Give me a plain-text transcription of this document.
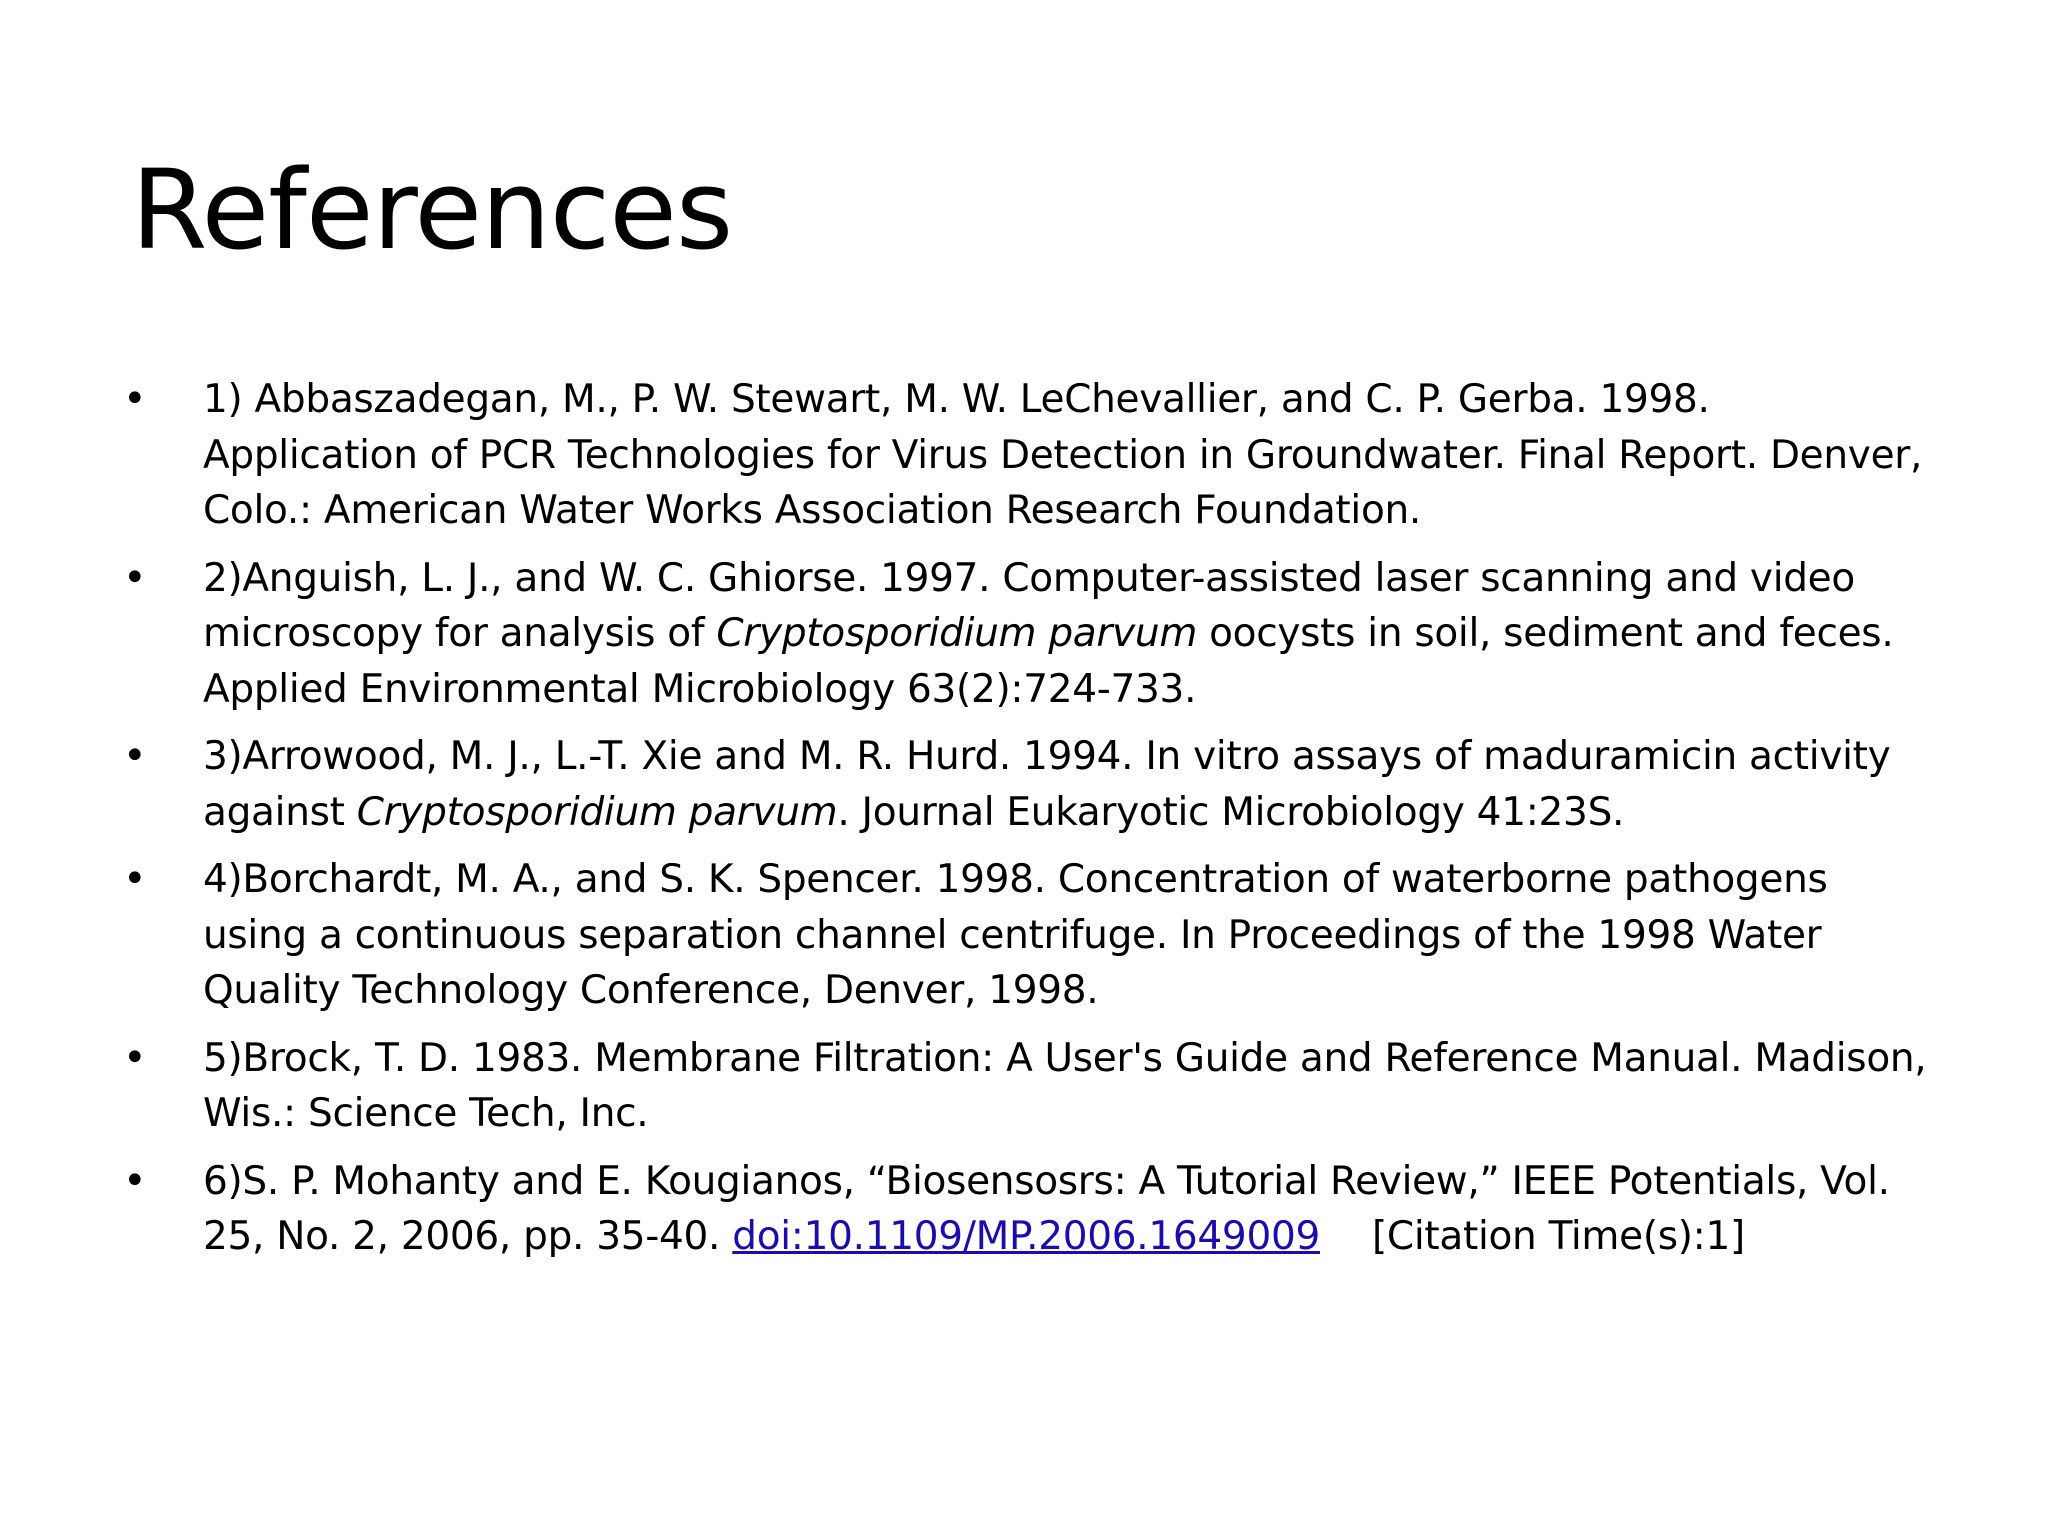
References
• 1) Abbaszadegan, M., P. W. Stewart, M. W. LeChevallier, and C. P. Gerba. 1998. Application of PCR Technologies for Virus Detection in Groundwater. Final Report. Denver, Colo.: American Water Works Association Research Foundation.
• 2)Anguish, L. J., and W. C. Ghiorse. 1997. Computer-assisted laser scanning and video microscopy for analysis of Cryptosporidium parvum oocysts in soil, sediment and feces. Applied Environmental Microbiology 63(2):724-733.
• 3)Arrowood, M. J., L.-T. Xie and M. R. Hurd. 1994. In vitro assays of maduramicin activity against Cryptosporidium parvum. Journal Eukaryotic Microbiology 41:23S.
• 4)Borchardt, M. A., and S. K. Spencer. 1998. Concentration of waterborne pathogens using a continuous separation channel centrifuge. In Proceedings of the 1998 Water Quality Technology Conference, Denver, 1998.
• 5)Brock, T. D. 1983. Membrane Filtration: A User's Guide and Reference Manual. Madison, Wis.: Science Tech, Inc.
• 6)S. P. Mohanty and E. Kougianos, “Biosensosrs: A Tutorial Review,” IEEE Potentials, Vol. 25, No. 2, 2006, pp. 35-40. doi:10.1109/MP.2006.1649009 [Citation Time(s):1]
